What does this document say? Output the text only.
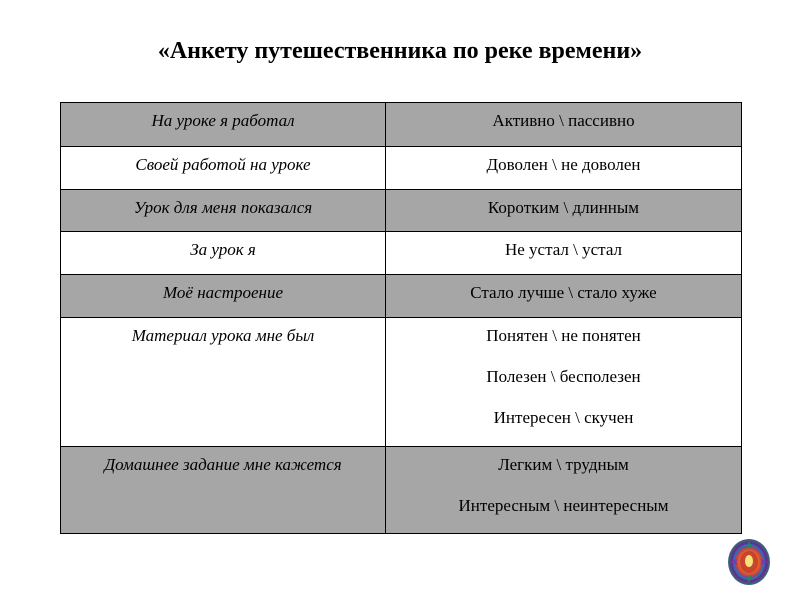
«Анкету путешественника по реке времени»
На уроке я работал	Активно \ пассивно

Своей работой на уроке	Доволен \ не доволен

Урок для меня показался	Коротким \ длинным

За урок я	Не устал \ устал

Моё настроение	Стало лучше \ стало хуже

Материал урока мне был	Понятен \ не понятен
Полезен \ бесполезен
Интересен \ скучен

Домашнее задание мне кажется	Легким \ трудным
Интересным \ неинтересным
